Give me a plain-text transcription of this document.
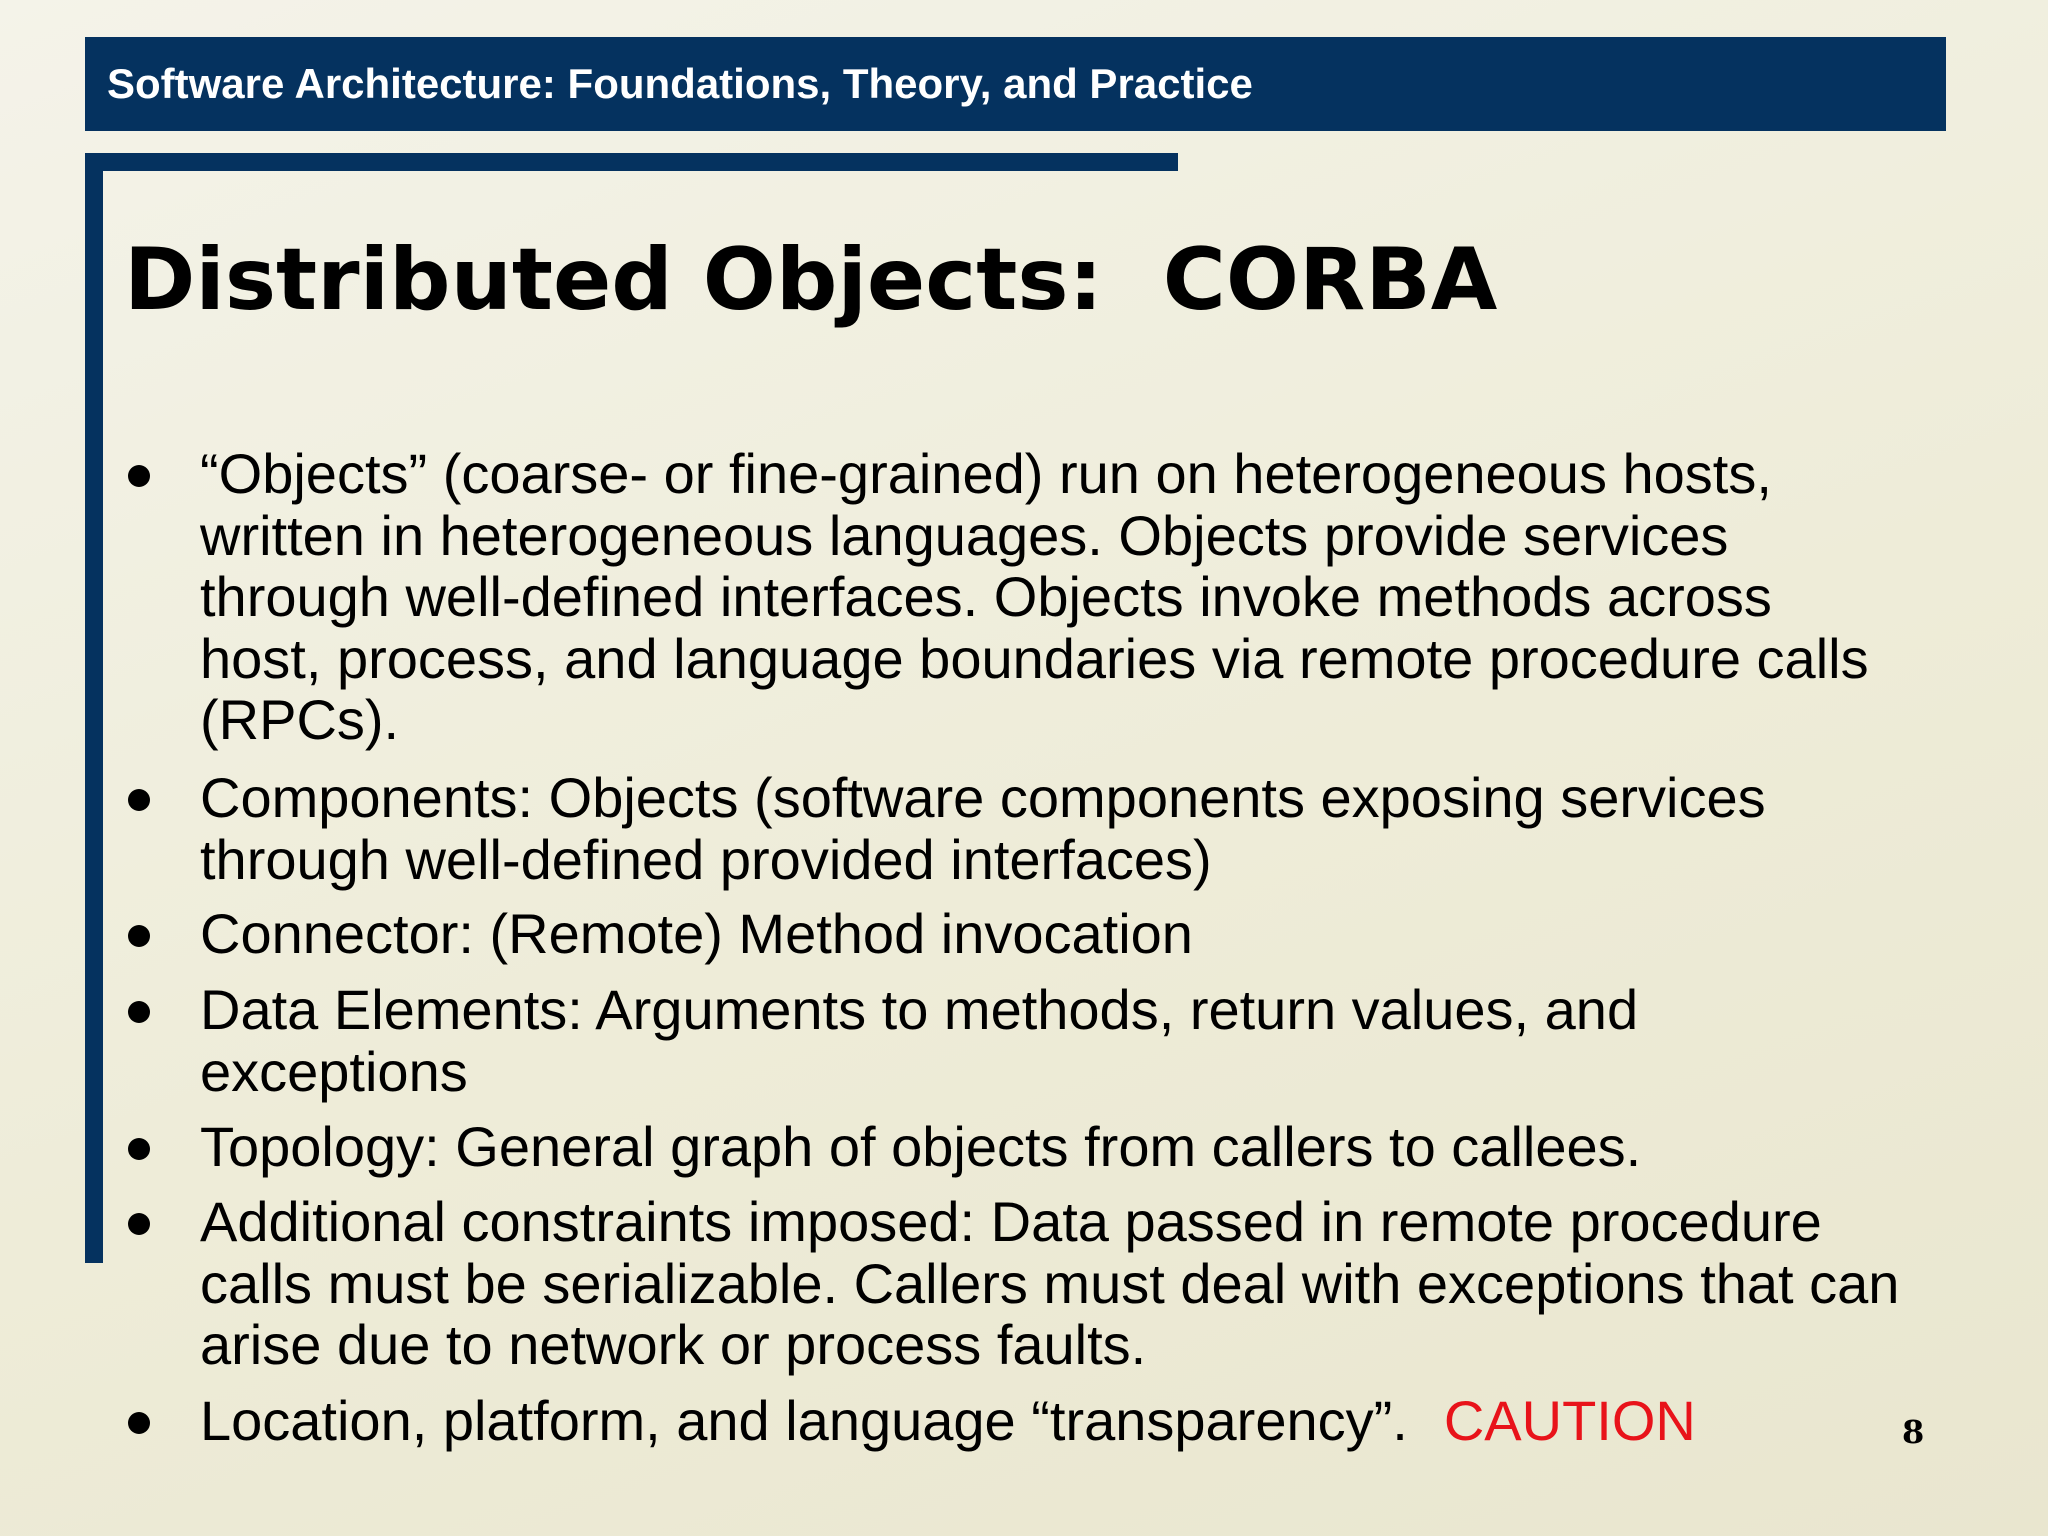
Software Architecture: Foundations, Theory, and Practice
Distributed Objects:  CORBA
“Objects” (coarse- or fine-grained) run on heterogeneous hosts,
written in heterogeneous languages. Objects provide services
through well-defined interfaces. Objects invoke methods across
host, process, and language boundaries via remote procedure calls
(RPCs).
Components: Objects (software components exposing services
through well-defined provided interfaces)
Connector: (Remote) Method invocation
Data Elements: Arguments to methods, return values, and
exceptions
Topology: General graph of objects from callers to callees.
Additional constraints imposed: Data passed in remote procedure
calls must be serializable. Callers must deal with exceptions that can
arise due to network or process faults.
Location, platform, and language “transparency”. CAUTION	8
